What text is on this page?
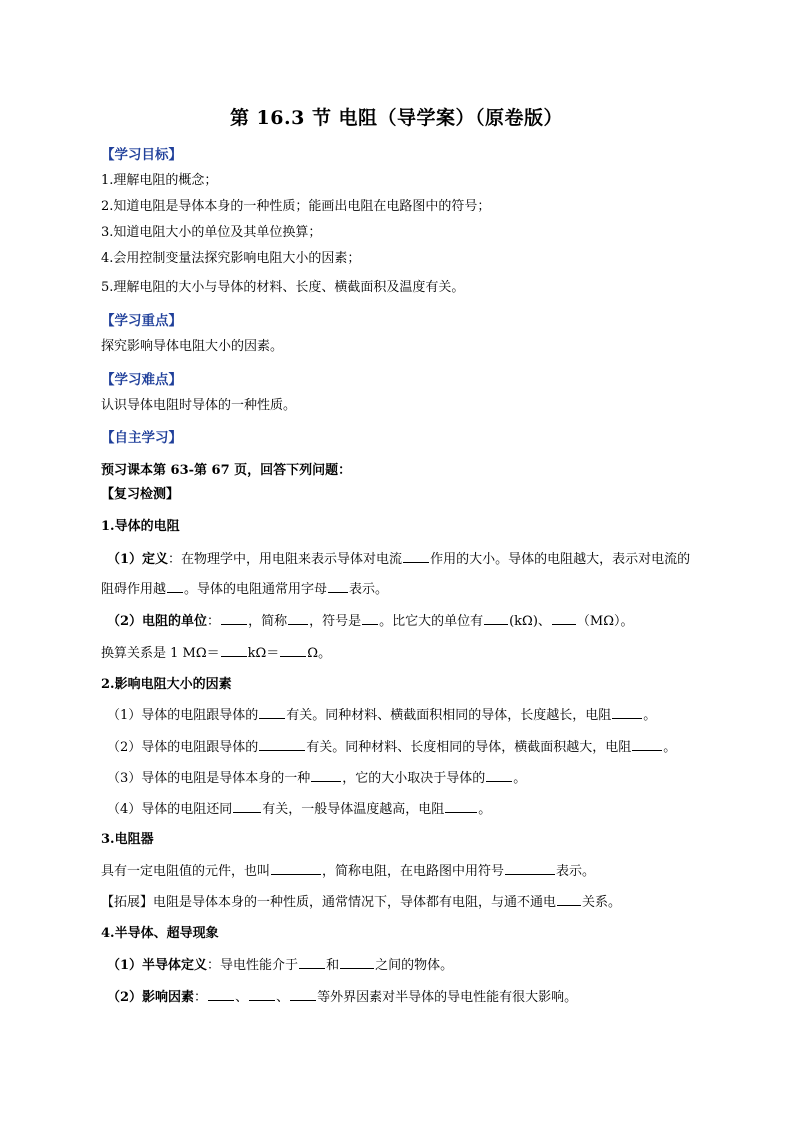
第 16.3 节 电阻（导学案）（原卷版）
【学习目标】
1.理解电阻的概念；
2.知道电阻是导体本身的一种性质；能画出电阻在电路图中的符号；
3.知道电阻大小的单位及其单位换算；
4.会用控制变量法探究影响电阻大小的因素；
5.理解电阻的大小与导体的材料、长度、横截面积及温度有关。
【学习重点】
探究影响导体电阻大小的因素。
【学习难点】
认识导体电阻时导体的一种性质。
【自主学习】
预习课本第 63-第 67 页，回答下列问题：
【复习检测】
1.导体的电阻
（1）定义：在物理学中，用电阻来表示导体对电流 作用的大小。导体的电阻越大，表示对电流的
阻碍作用越 。导体的电阻通常用字母 表示。
（2）电阻的单位： ，简称 ，符号是 。比它大的单位有 (kΩ)、 （MΩ）。
换算关系是 1 MΩ＝ kΩ＝ Ω。
2.影响电阻大小的因素
（1）导体的电阻跟导体的 有关。同种材料、横截面积相同的导体，长度越长，电阻 。
（2）导体的电阻跟导体的	有关。同种材料、长度相同的导体，横截面积越大，电阻 。
（3）导体的电阻是导体本身的一种 ，它的大小取决于导体的 。
（4）导体的电阻还同 有关，一般导体温度越高，电阻	。
3.电阻器
具有一定电阻值的元件，也叫	，简称电阻，在电路图中用符号	表示。
【拓展】电阻是导体本身的一种性质，通常情况下，导体都有电阻，与通不通电 关系。
4.半导体、超导现象
（1）半导体定义：导电性能介于 和	之间的物体。
（2）影响因素： 、 、 等外界因素对半导体的导电性能有很大影响。
